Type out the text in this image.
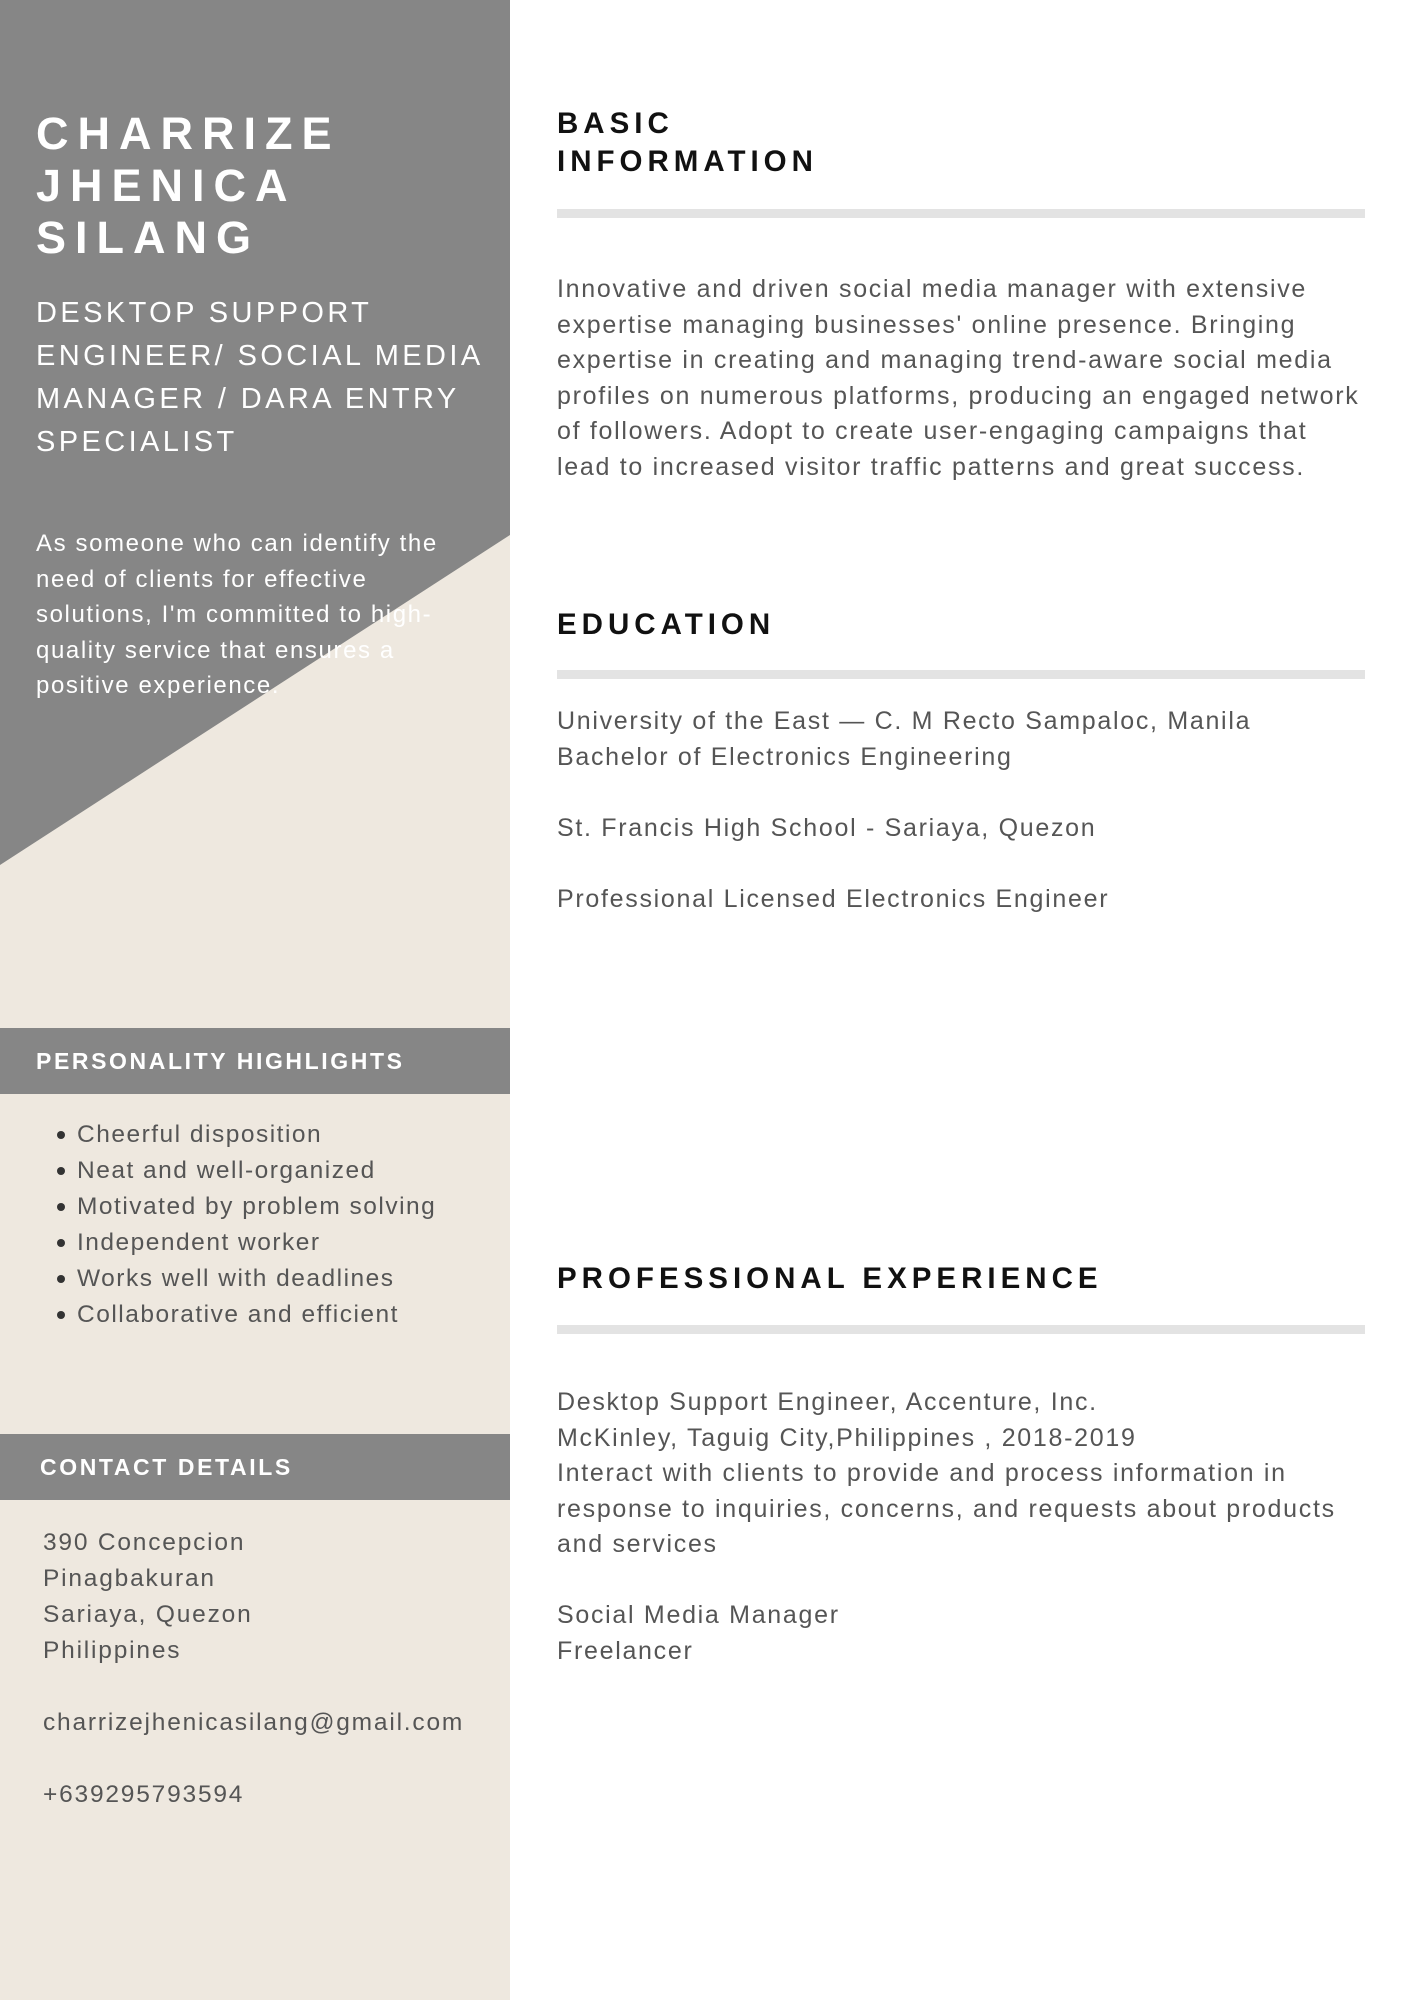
CHARRIZE
JHENICA
SILANG

DESKTOP SUPPORT ENGINEER/ SOCIAL MEDIA MANAGER / DARA ENTRY SPECIALIST

As someone who can identify the need of clients for effective solutions, I'm committed to high-quality service that ensures a positive experience.

PERSONALITY HIGHLIGHTS
Cheerful disposition
Neat and well-organized
Motivated by problem solving
Independent worker
Works well with deadlines
Collaborative and efficient
CONTACT DETAILS

390 Concepcion
Pinagbakuran
Sariaya, Quezon
Philippines

charrizejhenicasilang@gmail.com

+639295793594

BASIC
INFORMATION

Innovative and driven social media manager with extensive expertise managing businesses' online presence. Bringing expertise in creating and managing trend-aware social media profiles on numerous platforms, producing an engaged network of followers. Adopt to create user-engaging campaigns that lead to increased visitor traffic patterns and great success.

EDUCATION

University of the East — C. M Recto Sampaloc, Manila

Bachelor of Electronics Engineering

St. Francis High School - Sariaya, Quezon

Professional Licensed Electronics Engineer

PROFESSIONAL EXPERIENCE

Desktop Support Engineer, Accenture, Inc.

McKinley, Taguig City,Philippines , 2018-2019

Interact with clients to provide and process information in response to inquiries, concerns, and requests about products and services

Social Media Manager

Freelancer
